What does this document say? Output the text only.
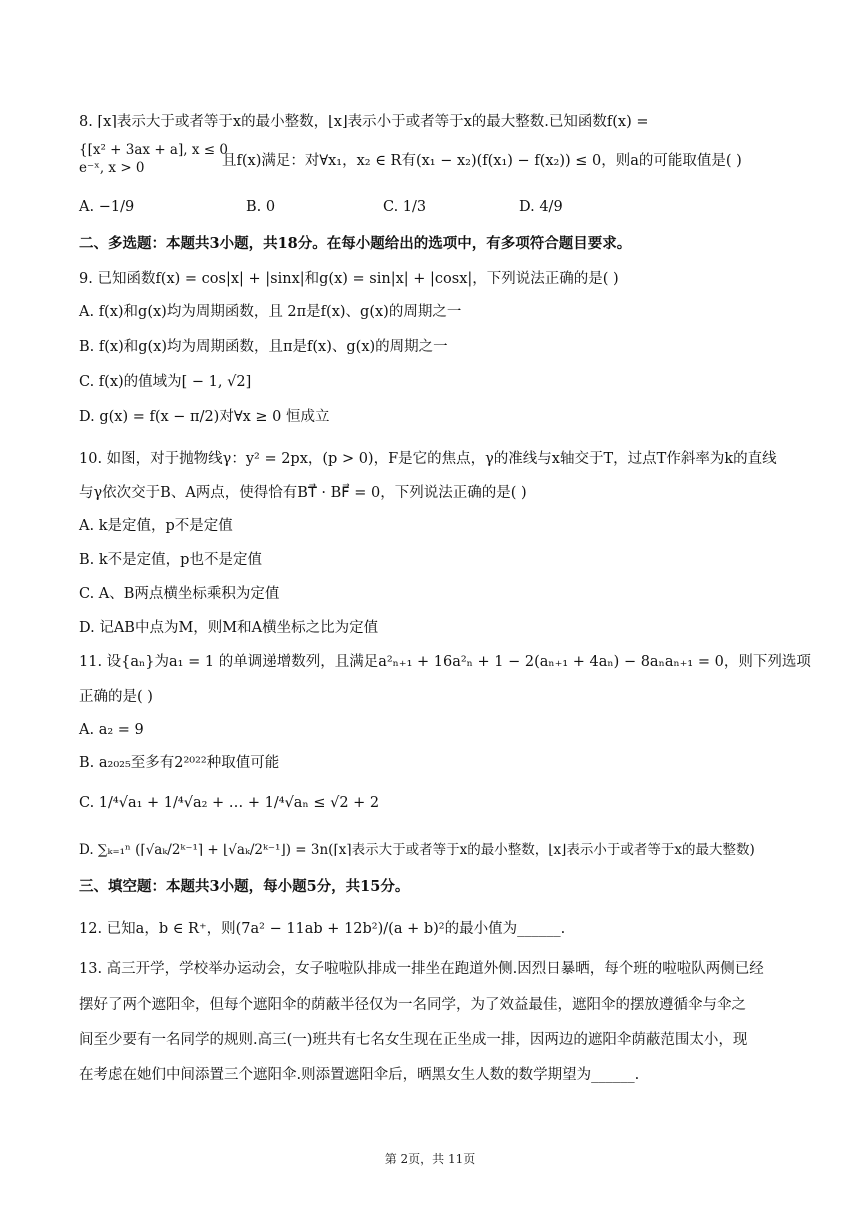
8. ⌈x⌉表示大于或者等于x的最小整数，⌊x⌋表示小于或者等于x的最大整数.已知函数f(x) =
{[x² + 3ax + a], x ≤ 0
e⁻ˣ, x > 0	且f(x)满足：对∀x₁，x₂ ∈ R有(x₁ − x₂)(f(x₁) − f(x₂)) ≤ 0，则a的可能取值是( )
A. −1/9	B. 0	C. 1/3	D. 4/9
二、多选题：本题共3小题，共18分。在每小题给出的选项中，有多项符合题目要求。
9. 已知函数f(x) = cos|x| + |sinx|和g(x) = sin|x| + |cosx|，下列说法正确的是( )
A. f(x)和g(x)均为周期函数，且 2π是f(x)、g(x)的周期之一
B. f(x)和g(x)均为周期函数，且π是f(x)、g(x)的周期之一
C. f(x)的值域为[ − 1, √2]
D. g(x) = f(x − π/2)对∀x ≥ 0 恒成立
10. 如图，对于抛物线γ：y² = 2px，(p > 0)，F是它的焦点，γ的准线与x轴交于T，过点T作斜率为k的直线
与γ依次交于B、A两点，使得恰有BT⃗ · BF⃗ = 0，下列说法正确的是( )
A. k是定值，p不是定值
B. k不是定值，p也不是定值
C. A、B两点横坐标乘积为定值
D. 记AB中点为M，则M和A横坐标之比为定值
11. 设{aₙ}为a₁ = 1 的单调递增数列，且满足a²ₙ₊₁ + 16a²ₙ + 1 − 2(aₙ₊₁ + 4aₙ) − 8aₙaₙ₊₁ = 0，则下列选项
正确的是( )
A. a₂ = 9
B. a₂₀₂₅至多有2²⁰²²种取值可能
C. 1/⁴√a₁ + 1/⁴√a₂ + … + 1/⁴√aₙ ≤ √2 + 2
D. ∑ₖ₌₁ⁿ (⌈√aₖ/2ᵏ⁻¹⌉ + ⌊√aₖ/2ᵏ⁻¹⌋) = 3n(⌈x⌉表示大于或者等于x的最小整数，⌊x⌋表示小于或者等于x的最大整数)
三、填空题：本题共3小题，每小题5分，共15分。
12. 已知a，b ∈ R⁺，则(7a² − 11ab + 12b²)/(a + b)²的最小值为______.
13. 高三开学，学校举办运动会，女子啦啦队排成一排坐在跑道外侧.因烈日暴晒，每个班的啦啦队两侧已经
摆好了两个遮阳伞，但每个遮阳伞的荫蔽半径仅为一名同学，为了效益最佳，遮阳伞的摆放遵循伞与伞之
间至少要有一名同学的规则.高三(一)班共有七名女生现在正坐成一排，因两边的遮阳伞荫蔽范围太小，现
在考虑在她们中间添置三个遮阳伞.则添置遮阳伞后，晒黑女生人数的数学期望为______.
第 2页，共 11页
